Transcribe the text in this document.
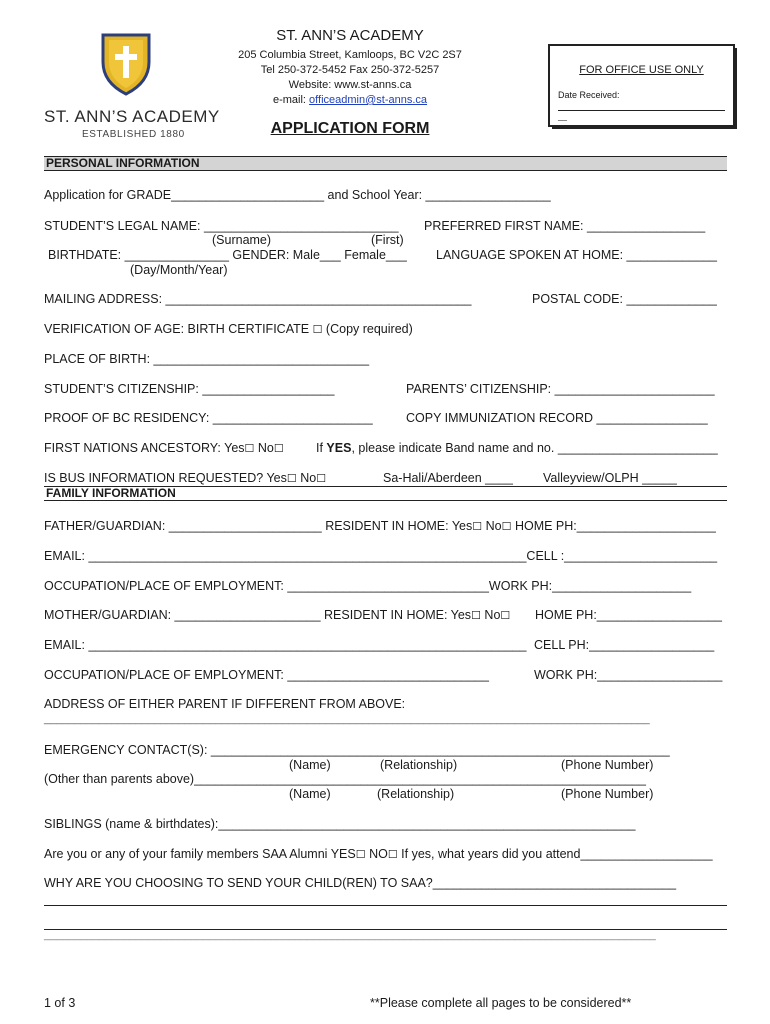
ST. ANN’S ACADEMY
ESTABLISHED 1880
ST. ANN’S ACADEMY
205 Columbia Street, Kamloops, BC V2C 2S7
Tel 250-372-5452 Fax 250-372-5257
Website: www.st-anns.ca
e-mail: officeadmin@st-anns.ca
APPLICATION FORM
FOR OFFICE USE ONLY
Date Received:
__
PERSONAL INFORMATION
Application for GRADE______________________ and School Year: __________________
STUDENT’S LEGAL NAME: ____________________________ PREFERRED FIRST NAME: _________________
(Surname)	(First)
BIRTHDATE: _______________ GENDER: Male___ Female___ LANGUAGE SPOKEN AT HOME: _____________
(Day/Month/Year)
MAILING ADDRESS: ____________________________________________	POSTAL CODE: _____________
VERIFICATION OF AGE: BIRTH CERTIFICATE ☐ (Copy required)
PLACE OF BIRTH: _______________________________
STUDENT’S CITIZENSHIP: ___________________	PARENTS’ CITIZENSHIP: _______________________
PROOF OF BC RESIDENCY: _______________________	COPY IMMUNIZATION RECORD ________________
FIRST NATIONS ANCESTORY: Yes ☐ No ☐	If YES, please indicate Band name and no. _______________________
IS BUS INFORMATION REQUESTED? Yes ☐ No ☐	Sa-Hali/Aberdeen ____ Valleyview/OLPH _____
FAMILY INFORMATION
FATHER/GUARDIAN: ______________________ RESIDENT IN HOME: Yes ☐ No ☐ HOME PH:____________________
EMAIL: _______________________________________________________________CELL :______________________
OCCUPATION/PLACE OF EMPLOYMENT: _____________________________WORK PH:____________________
MOTHER/GUARDIAN: _____________________ RESIDENT IN HOME: Yes ☐ No ☐	HOME PH:__________________
EMAIL: _______________________________________________________________ CELL PH:__________________
OCCUPATION/PLACE OF EMPLOYMENT: _____________________________	WORK PH:__________________
ADDRESS OF EITHER PARENT IF DIFFERENT FROM ABOVE:
___________________________________________________________________________________________________
EMERGENCY CONTACT(S): __________________________________________________________________
(Name)	(Relationship)	(Phone Number)
(Other than parents above)_________________________________________________________________
(Name)	(Relationship)	(Phone Number)
SIBLINGS (name & birthdates):____________________________________________________________
Are you or any of your family members SAA Alumni YES ☐ NO ☐ If yes, what years did you attend___________________
WHY ARE YOU CHOOSING TO SEND YOUR CHILD(REN) TO SAA?___________________________________
____________________________________________________________________________________________________
1 of 3	**Please complete all pages to be considered**
